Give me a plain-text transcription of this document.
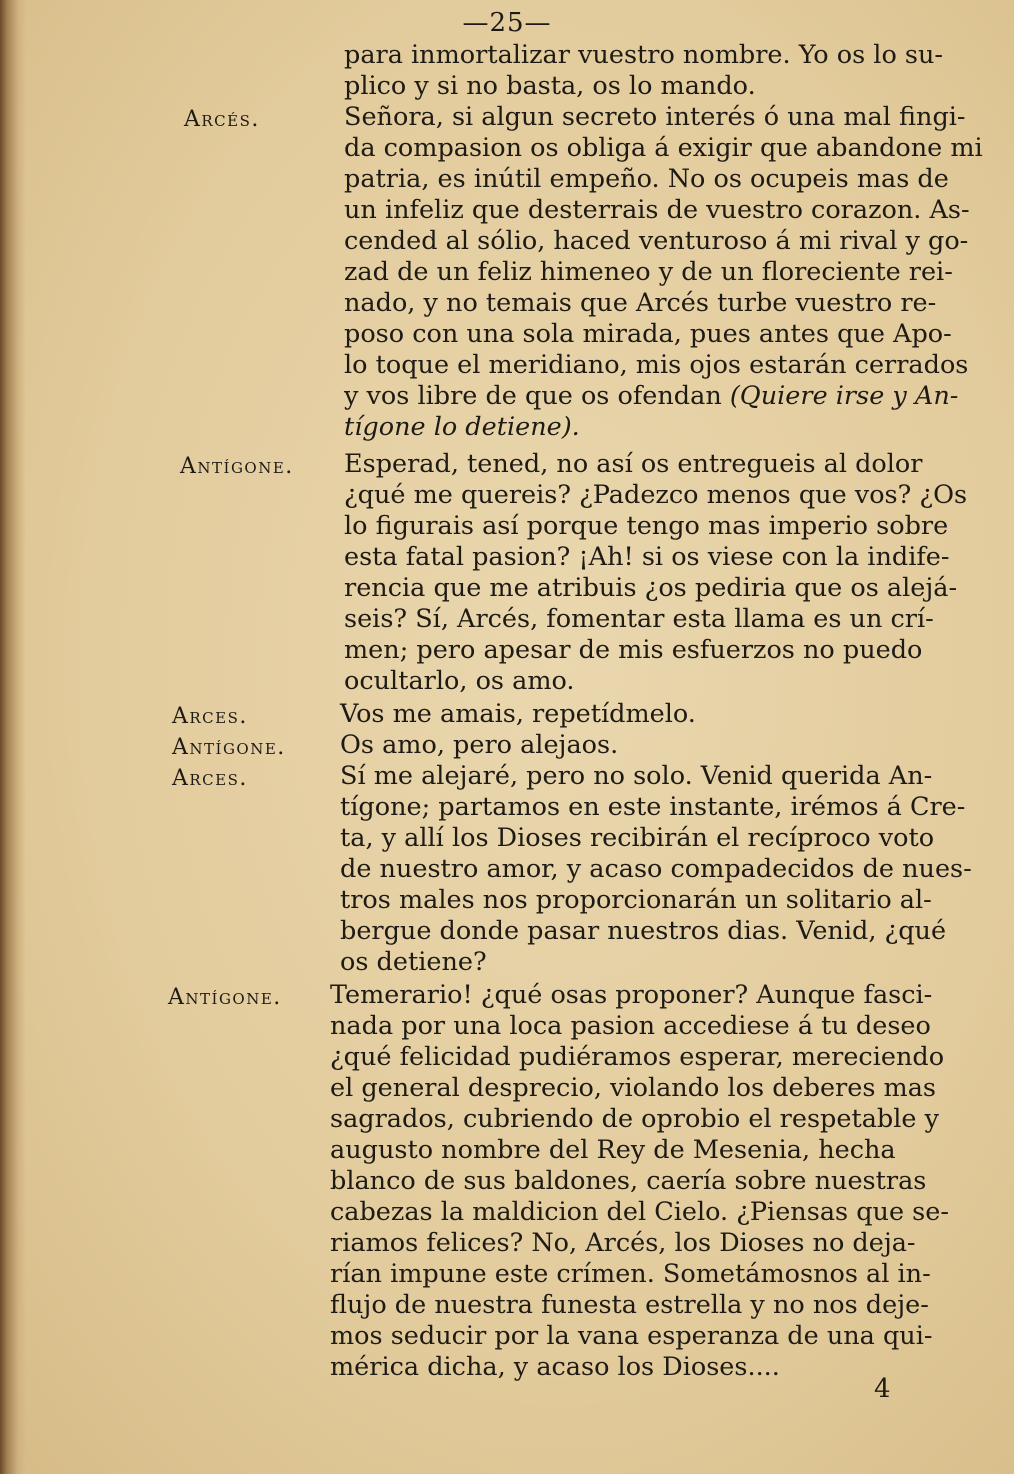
—25—

para inmortalizar vuestro nombre. Yo os lo su-

plico y si no basta, os lo mando.

Arcés.	Señora, si algun secreto interés ó una mal fingi-

da compasion os obliga á exigir que abandone mi

patria, es inútil empeño. No os ocupeis mas de

un infeliz que desterrais de vuestro corazon. As-

cended al sólio, haced venturoso á mi rival y go-

zad de un feliz himeneo y de un floreciente rei-

nado, y no temais que Arcés turbe vuestro re-

poso con una sola mirada, pues antes que Apo-

lo toque el meridiano, mis ojos estarán cerrados

y vos libre de que os ofendan (Quiere irse y An-

tígone lo detiene).

Antígone. Esperad, tened, no así os entregueis al dolor

¿qué me quereis? ¿Padezco menos que vos? ¿Os

lo figurais así porque tengo mas imperio sobre

esta fatal pasion? ¡Ah! si os viese con la indife-

rencia que me atribuis ¿os pediria que os alejá-

seis? Sí, Arcés, fomentar esta llama es un crí-

men; pero apesar de mis esfuerzos no puedo

ocultarlo, os amo.

Arces.	Vos me amais, repetídmelo.

Antígone. Os amo, pero alejaos.

Arces.	Sí me alejaré, pero no solo. Venid querida An-

tígone; partamos en este instante, irémos á Cre-

ta, y allí los Dioses recibirán el recíproco voto

de nuestro amor, y acaso compadecidos de nues-

tros males nos proporcionarán un solitario al-

bergue donde pasar nuestros dias. Venid, ¿qué

os detiene?

Antígone. Temerario! ¿qué osas proponer? Aunque fasci-

nada por una loca pasion accediese á tu deseo

¿qué felicidad pudiéramos esperar, mereciendo

el general desprecio, violando los deberes mas

sagrados, cubriendo de oprobio el respetable y

augusto nombre del Rey de Mesenia, hecha

blanco de sus baldones, caería sobre nuestras

cabezas la maldicion del Cielo. ¿Piensas que se-

riamos felices? No, Arcés, los Dioses no deja-

rían impune este crímen. Sometámosnos al in-

flujo de nuestra funesta estrella y no nos deje-

mos seducir por la vana esperanza de una qui-

mérica dicha, y acaso los Dioses....

4
